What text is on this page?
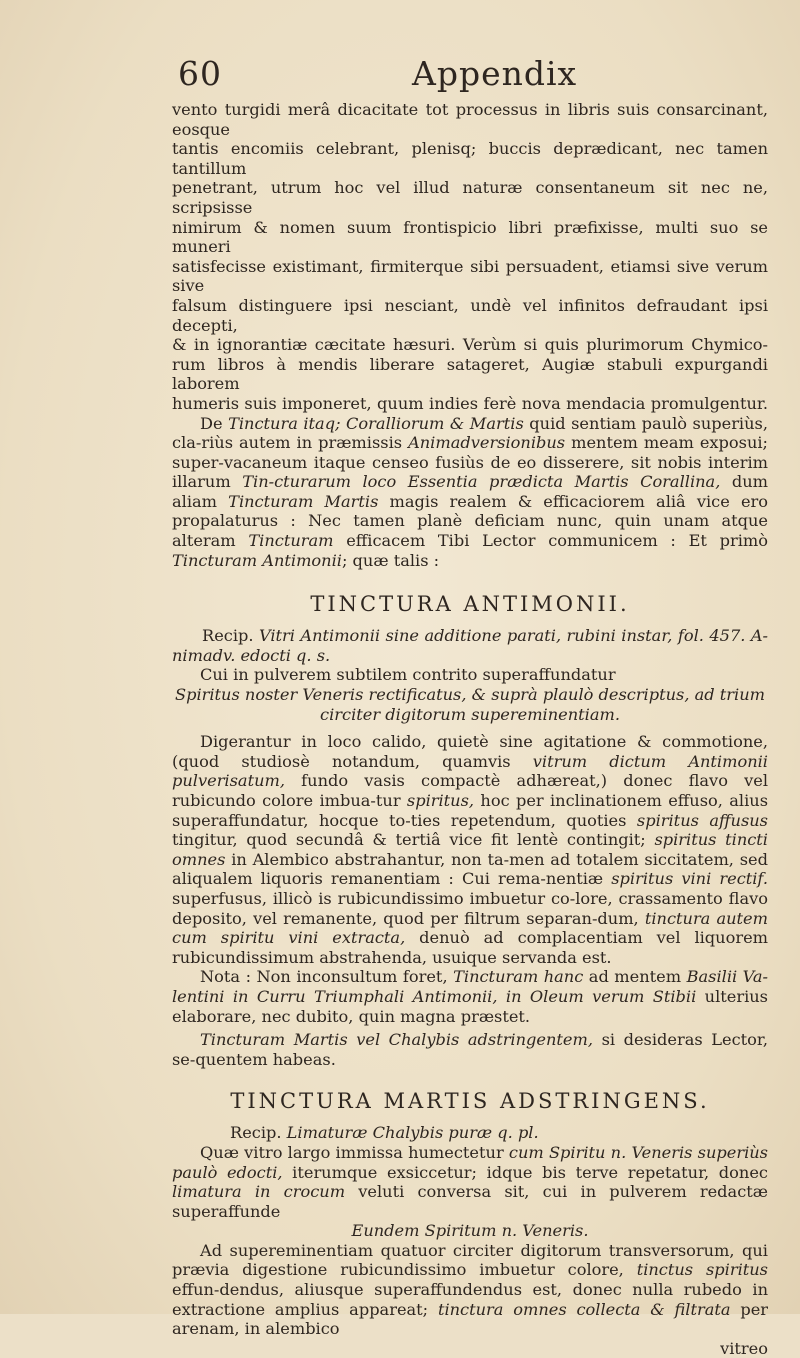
60	Appendix

vento turgidi merâ dicacitate tot processus in libris suis consarcinant, eosque
tantis encomiis celebrant, plenisq; buccis deprædicant, nec tamen tantillum
penetrant, utrum hoc vel illud naturæ consentaneum sit nec ne, scripsisse
nimirum & nomen suum frontispicio libri præfixisse, multi suo se muneri
satisfecisse existimant, firmiterque sibi persuadent, etiamsi sive verum sive
falsum distinguere ipsi nesciant, undè vel infinitos defraudant ipsi decepti,
& in ignorantiæ cæcitate hæsuri. Verùm si quis plurimorum Chymico-
rum libros à mendis liberare satageret, Augiæ stabuli expurgandi laborem
humeris suis imponeret, quum indies ferè nova mendacia promulgentur.

De Tinctura itaq; Coralliorum & Martis quid sentiam paulò superiùs, cla-riùs autem in præmissis Animadversionibus mentem meam exposui; super-vacaneum itaque censeo fusiùs de eo disserere, sit nobis interim illarum Tin-cturarum loco Essentia prædicta Martis Corallina, dum aliam Tincturam Martis magis realem & efficaciorem aliâ vice ero propalaturus : Nec tamen planè deficiam nunc, quin unam atque alteram Tincturam efficacem Tibi Lector communicem : Et primò Tincturam Antimonii; quæ talis :

TINCTURA ANTIMONII.

Recip. Vitri Antimonii sine additione parati, rubini instar, fol. 457. A-nimadv. edocti q. s.

Cui in pulverem subtilem contrito superaffundatur

Spiritus noster Veneris rectificatus, & suprà plaulò descriptus, ad trium circiter digitorum supereminentiam.

Digerantur in loco calido, quietè sine agitatione & commotione, (quod studiosè notandum, quamvis vitrum dictum Antimonii pulverisatum, fundo vasis compactè adhæreat,) donec flavo vel rubicundo colore imbua-tur spiritus, hoc per inclinationem effuso, alius superaffundatur, hocque to-ties repetendum, quoties spiritus affusus tingitur, quod secundâ & tertiâ vice fit lentè contingit; spiritus tincti omnes in Alembico abstrahantur, non ta-men ad totalem siccitatem, sed aliqualem liquoris remanentiam : Cui rema-nentiæ spiritus vini rectif. superfusus, illicò is rubicundissimo imbuetur co-lore, crassamento flavo deposito, vel remanente, quod per filtrum separan-dum, tinctura autem cum spiritu vini extracta, denuò ad complacentiam vel liquorem rubicundissimum abstrahenda, usuique servanda est.

Nota : Non inconsultum foret, Tincturam hanc ad mentem Basilii Va-lentini in Curru Triumphali Antimonii, in Oleum verum Stibii ulterius elaborare, nec dubito, quin magna præstet.

Tincturam Martis vel Chalybis adstringentem, si desideras Lector, se-quentem habeas.

TINCTURA MARTIS ADSTRINGENS.

Recip. Limaturæ Chalybis puræ q. pl.

Quæ vitro largo immissa humectetur cum Spiritu n. Veneris superiùs paulò edocti, iterumque exsiccetur; idque bis terve repetatur, donec limatura in crocum veluti conversa sit, cui in pulverem redactæ superaffunde

Eundem Spiritum n. Veneris.

Ad supereminentiam quatuor circiter digitorum transversorum, qui prævia digestione rubicundissimo imbuetur colore, tinctus spiritus effun-dendus, aliusque superaffundendus est, donec nulla rubedo in extractione amplius appareat; tinctura omnes collecta & filtrata per arenam, in alembico

vitreo
